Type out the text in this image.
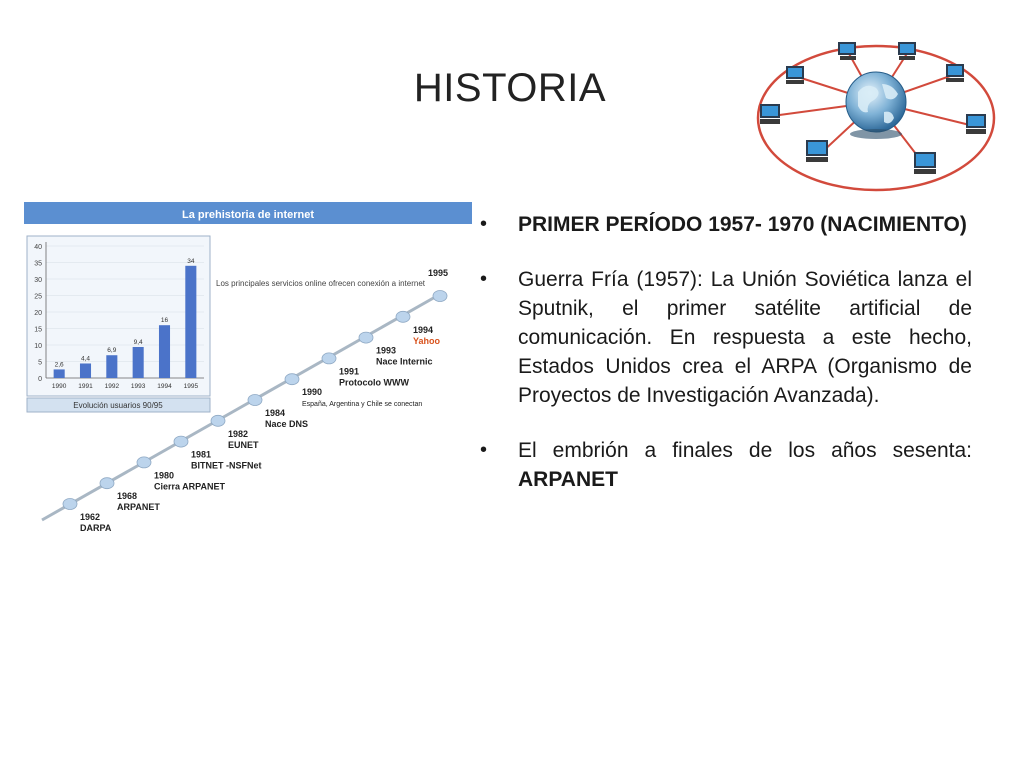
HISTORIA
La prehistoria de internet
0
5
10
15
20
25
30
35
40
2,6
1990
4,4
1991
6,9
1992
9,4
1993
16
1994
34
1995
Evolución usuarios 90/95
Los principales servicios online ofrecen conexión a internet
1962
DARPA
1968
ARPANET
1980
Cierra ARPANET
1981
BITNET -NSFNet
1982
EUNET
1984
Nace DNS
1990
España, Argentina y Chile se conectan
1991
Protocolo WWW
1993
Nace Internic
1994
Yahoo
1995
• PRIMER PERÍODO 1957- 1970 (NACIMIENTO)
• Guerra Fría (1957): La Unión Soviética lanza el Sputnik, el primer satélite artificial de comunicación. En respuesta a este hecho, Estados Unidos crea el ARPA (Organismo de Proyectos de Investigación Avanzada).
• El embrión a finales de los años sesenta: ARPANET
